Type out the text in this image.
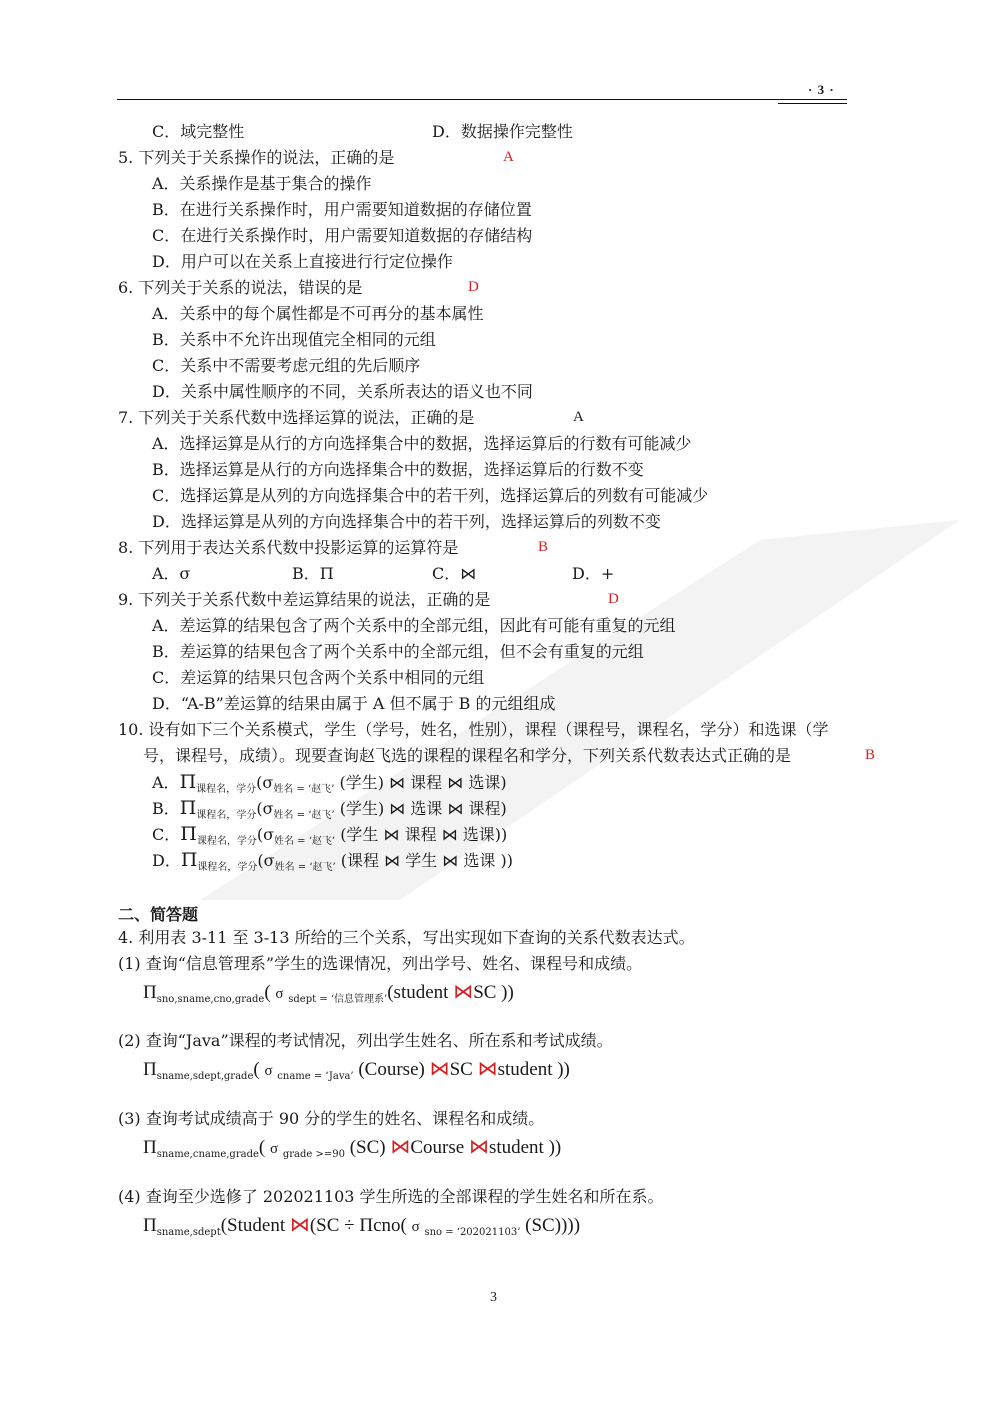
· 3 ·
C．域完整性	D．数据操作完整性
5. 下列关于关系操作的说法，正确的是	A
A．关系操作是基于集合的操作
B．在进行关系操作时，用户需要知道数据的存储位置
C．在进行关系操作时，用户需要知道数据的存储结构
D．用户可以在关系上直接进行行定位操作
6. 下列关于关系的说法，错误的是	D
A．关系中的每个属性都是不可再分的基本属性
B．关系中不允许出现值完全相同的元组
C．关系中不需要考虑元组的先后顺序
D．关系中属性顺序的不同，关系所表达的语义也不同
7. 下列关于关系代数中选择运算的说法，正确的是	A
A．选择运算是从行的方向选择集合中的数据，选择运算后的行数有可能减少
B．选择运算是从行的方向选择集合中的数据，选择运算后的行数不变
C．选择运算是从列的方向选择集合中的若干列，选择运算后的列数有可能减少
D．选择运算是从列的方向选择集合中的若干列，选择运算后的列数不变
8. 下列用于表达关系代数中投影运算的运算符是	B
A．σ	B．Π	C．⋈	D．+
9. 下列关于关系代数中差运算结果的说法，正确的是	D
A．差运算的结果包含了两个关系中的全部元组，因此有可能有重复的元组
B．差运算的结果包含了两个关系中的全部元组，但不会有重复的元组
C．差运算的结果只包含两个关系中相同的元组
D．“A-B”差运算的结果由属于 A 但不属于 B 的元组组成
10. 设有如下三个关系模式，学生（学号，姓名，性别），课程（课程号，课程名，学分）和选课（学
号，课程号，成绩）。现要查询赵飞选的课程的课程名和学分，下列关系代数表达式正确的是	B
A．$\Pi_{课程名,学分}(\sigma_{姓名 = ‘赵飞’}$ (学生) ⋈ 课程 ⋈ 选课)
B．$\Pi_{课程名,学分}(\sigma_{姓名 = ‘赵飞’}$ (学生) ⋈ 选课 ⋈ 课程)
C．$\Pi_{课程名,学分}(\sigma_{姓名 = ‘赵飞’}$ (学生 ⋈ 课程 ⋈ 选课))
D．$\Pi_{课程名,学分}(\sigma_{姓名 = ‘赵飞’}$ (课程 ⋈ 学生 ⋈ 选课 ))
二、简答题
4. 利用表 3-11 至 3-13 所给的三个关系，写出实现如下查询的关系代数表达式。
(1) 查询“信息管理系”学生的选课情况，列出学号、姓名、课程号和成绩。
$\Pi_{sno,sname,cno,grade}$( σ $_{sdept = ‘信息管理系’}$(student ⋈SC ))
(2) 查询“Java”课程的考试情况，列出学生姓名、所在系和考试成绩。
$\Pi_{sname,sdept,grade}$( σ $_{cname = ‘Java’}$ (Course) ⋈SC ⋈student ))
(3) 查询考试成绩高于 90 分的学生的姓名、课程名和成绩。
$\Pi_{sname,cname,grade}$( σ $_{grade >=90}$ (SC) ⋈Course ⋈student ))
(4) 查询至少选修了 202021103 学生所选的全部课程的学生姓名和所在系。
$\Pi_{sname,sdept}(Student$ ⋈(SC ÷ Πcno( σ $_{sno = ‘202021103’}$ (SC))))
3
